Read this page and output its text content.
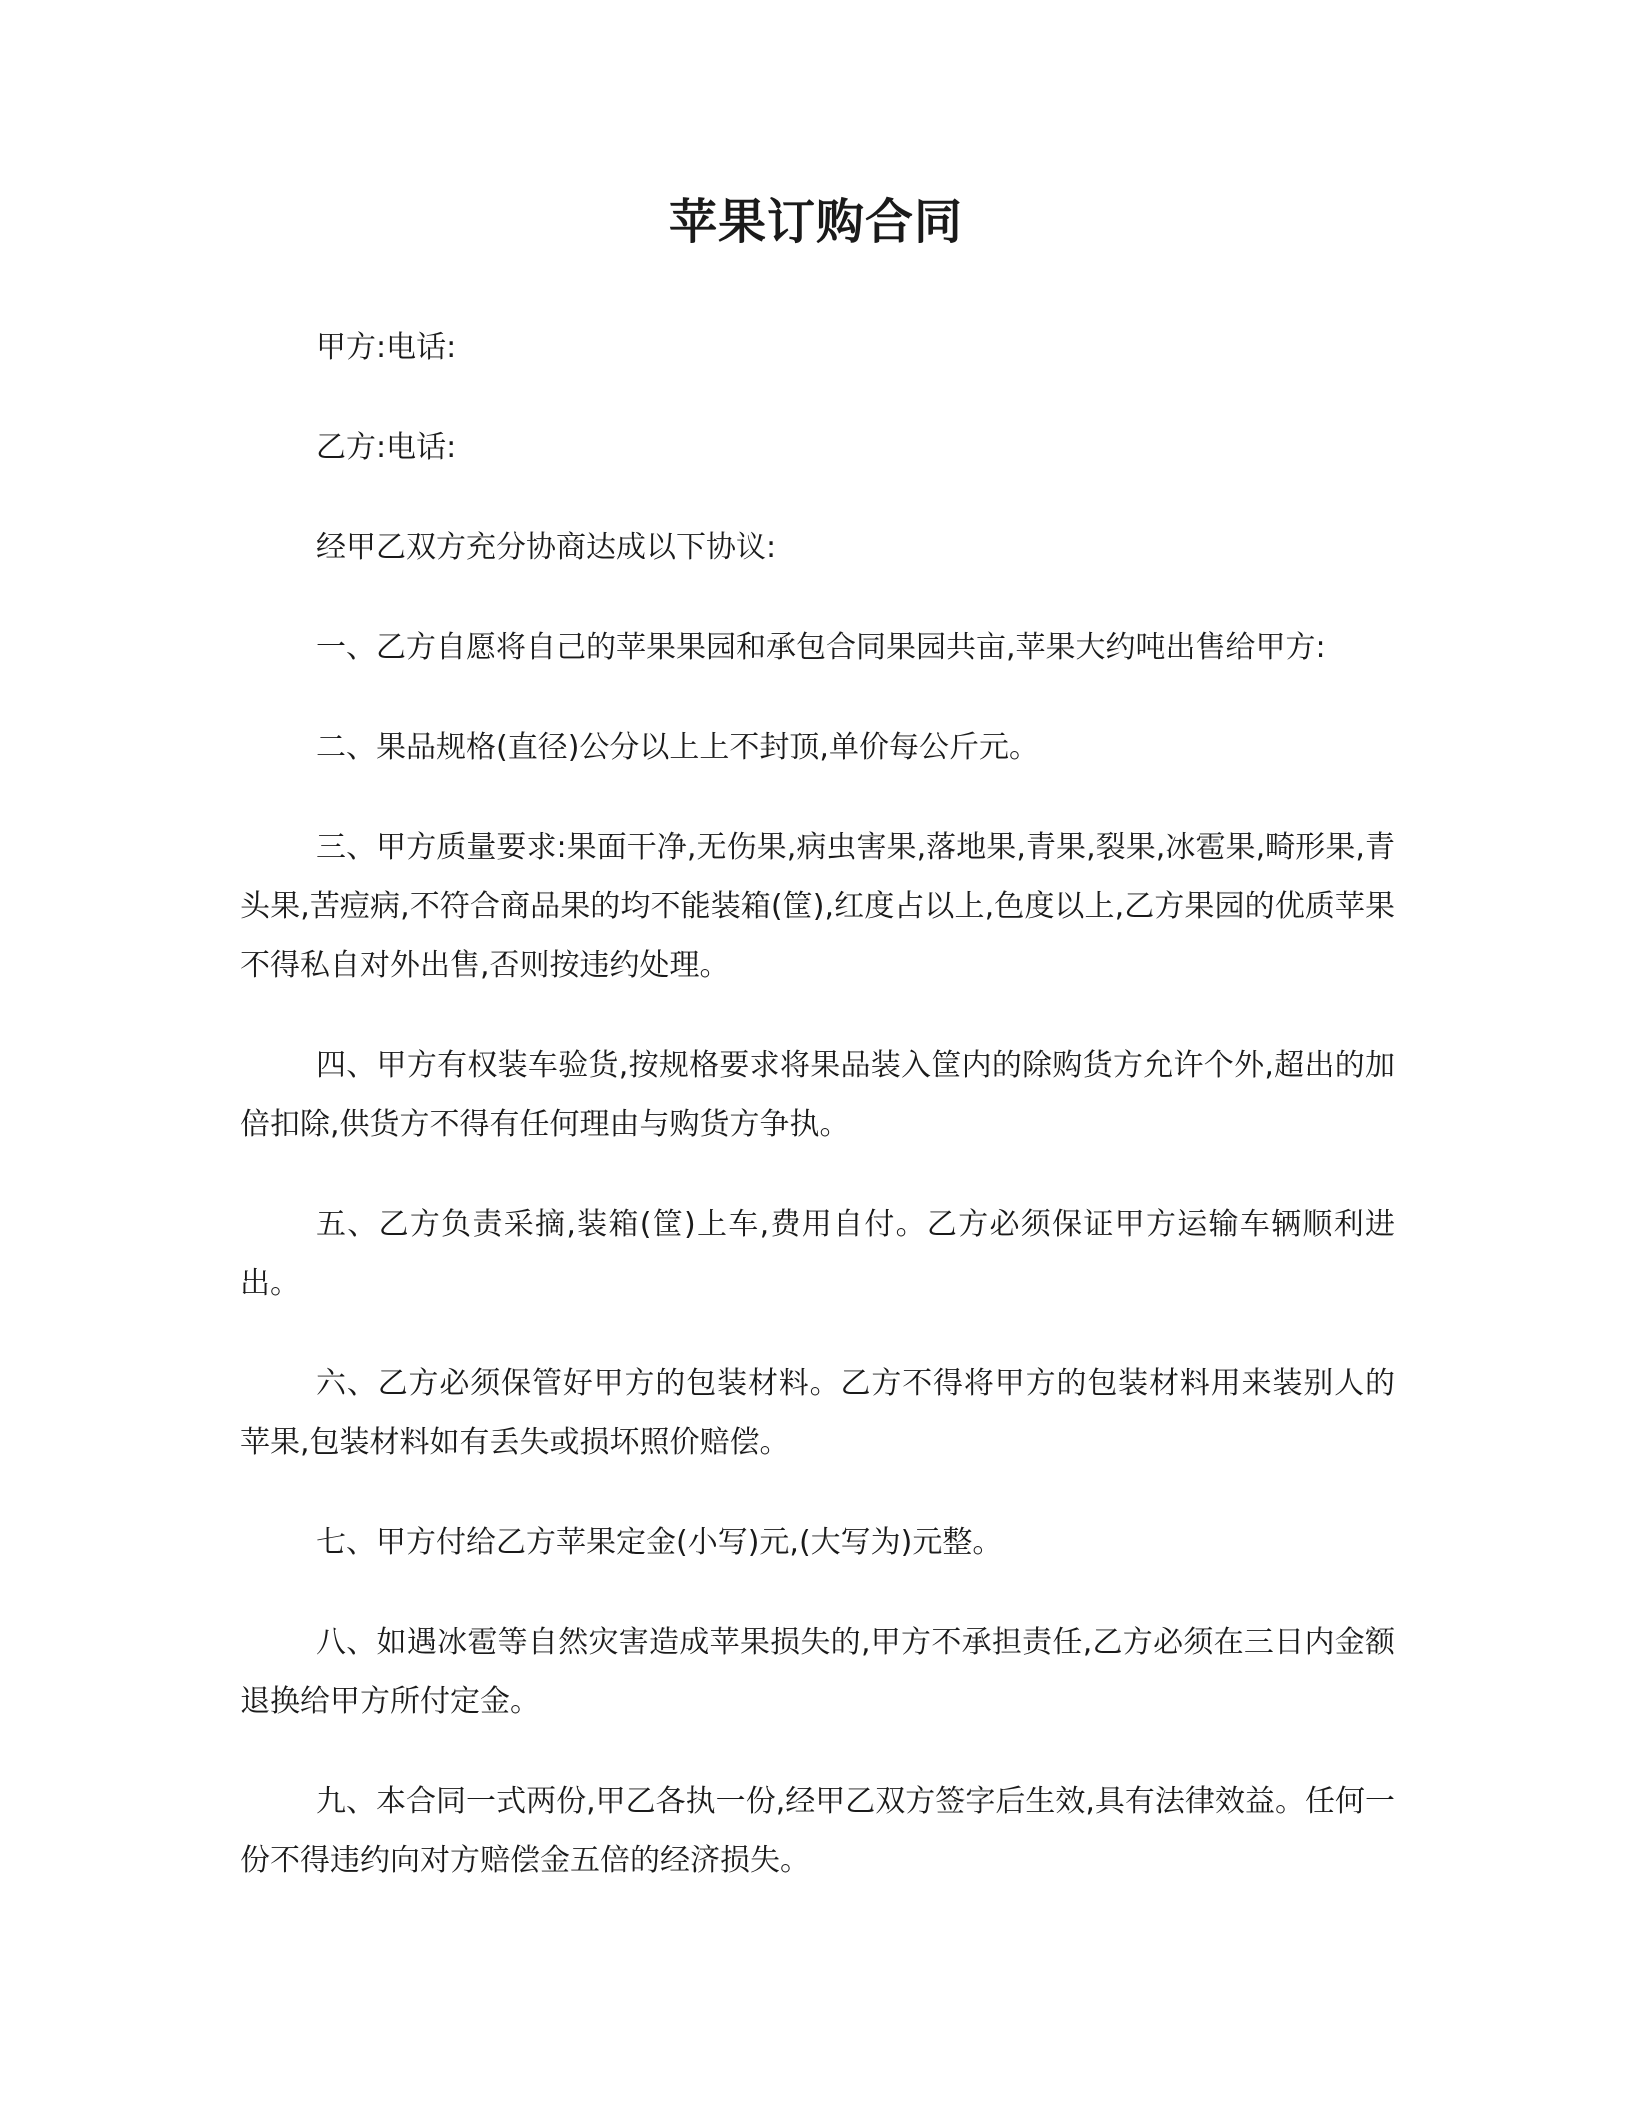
苹果订购合同

甲方:电话:

乙方:电话:

经甲乙双方充分协商达成以下协议:

一、乙方自愿将自己的苹果果园和承包合同果园共亩,苹果大约吨出售给甲方:

二、果品规格(直径)公分以上上不封顶,单价每公斤元。

三、甲方质量要求:果面干净,无伤果,病虫害果,落地果,青果,裂果,冰雹果,畸形果,青头果,苦痘病,不符合商品果的均不能装箱(筐),红度占以上,色度以上,乙方果园的优质苹果不得私自对外出售,否则按违约处理。

四、甲方有权装车验货,按规格要求将果品装入筐内的除购货方允许个外,超出的加倍扣除,供货方不得有任何理由与购货方争执。

五、乙方负责采摘,装箱(筐)上车,费用自付。乙方必须保证甲方运输车辆顺利进出。

六、乙方必须保管好甲方的包装材料。乙方不得将甲方的包装材料用来装别人的苹果,包装材料如有丢失或损坏照价赔偿。

七、甲方付给乙方苹果定金(小写)元,(大写为)元整。

八、如遇冰雹等自然灾害造成苹果损失的,甲方不承担责任,乙方必须在三日内金额退换给甲方所付定金。

九、本合同一式两份,甲乙各执一份,经甲乙双方签字后生效,具有法律效益。任何一份不得违约向对方赔偿金五倍的经济损失。
